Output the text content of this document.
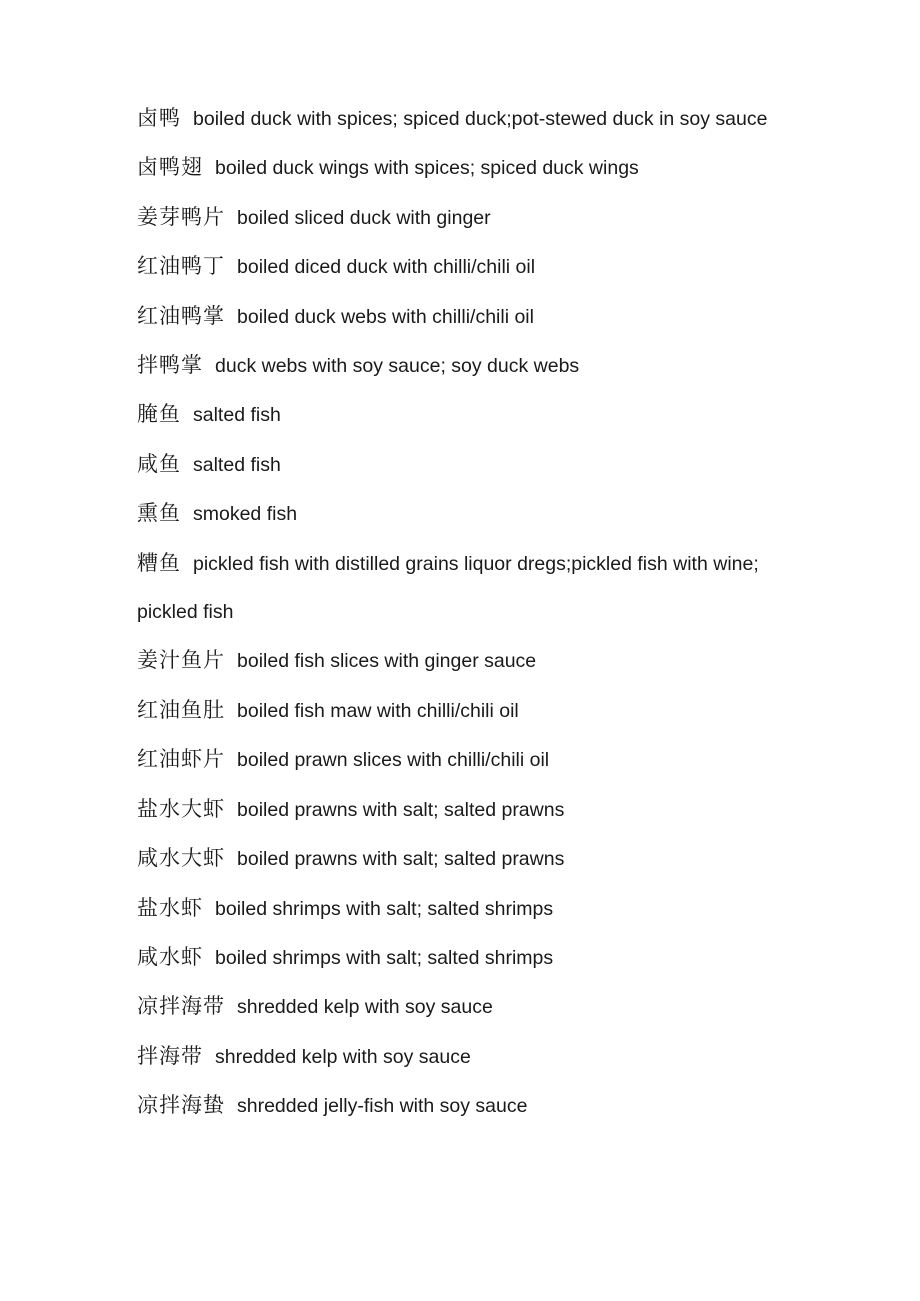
卤鸭 boiled duck with spices; spiced duck;pot-stewed duck in soy sauce
卤鸭翅 boiled duck wings with spices; spiced duck wings
姜芽鸭片 boiled sliced duck with ginger
红油鸭丁 boiled diced duck with chilli/chili oil
红油鸭掌 boiled duck webs with chilli/chili oil
拌鸭掌 duck webs with soy sauce; soy duck webs
腌鱼 salted fish
咸鱼 salted fish
熏鱼 smoked fish
糟鱼 pickled fish with distilled grains liquor dregs;pickled fish with wine; pickled fish
姜汁鱼片 boiled fish slices with ginger sauce
红油鱼肚 boiled fish maw with chilli/chili oil
红油虾片 boiled prawn slices with chilli/chili oil
盐水大虾 boiled prawns with salt; salted prawns
咸水大虾 boiled prawns with salt; salted prawns
盐水虾 boiled shrimps with salt; salted shrimps
咸水虾 boiled shrimps with salt; salted shrimps
凉拌海带 shredded kelp with soy sauce
拌海带 shredded kelp with soy sauce
凉拌海蛰 shredded jelly-fish with soy sauce
